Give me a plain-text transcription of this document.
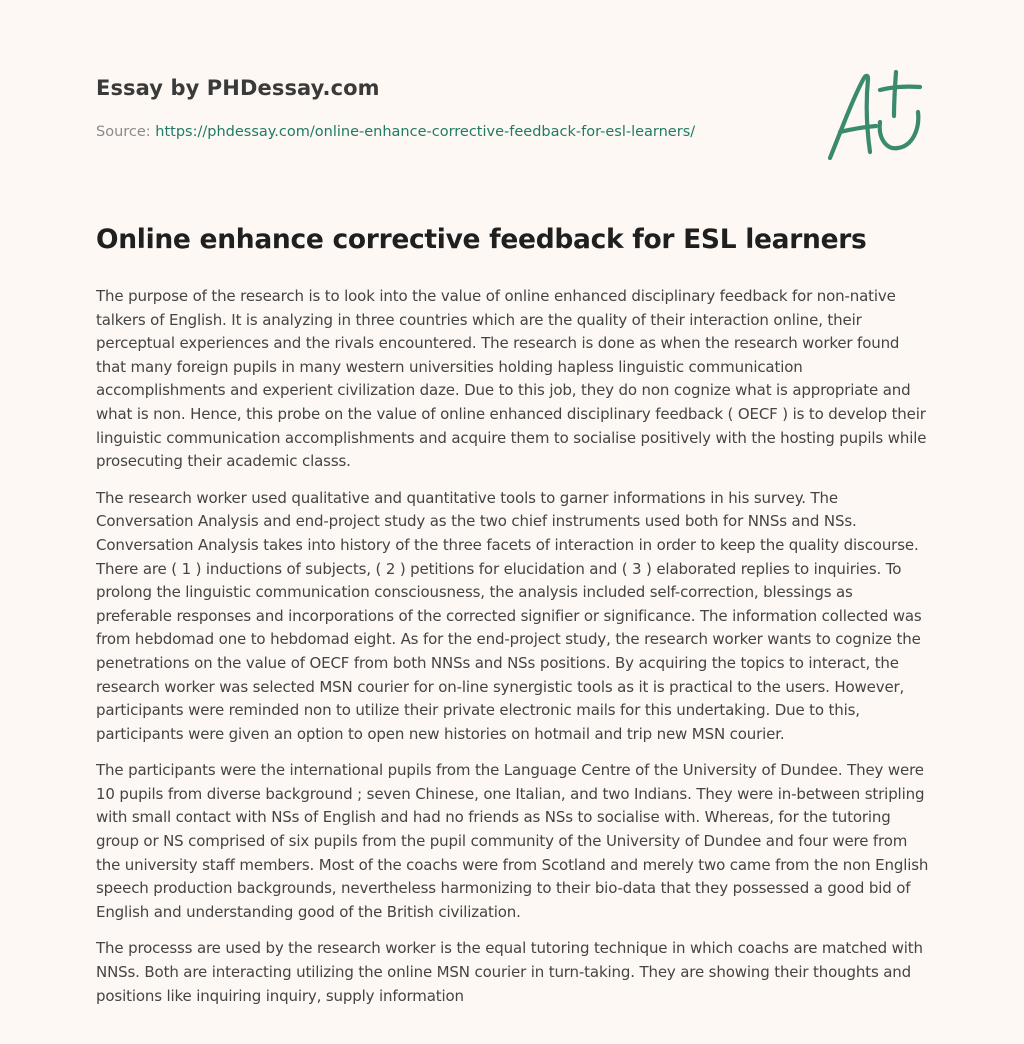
Essay by PHDessay.com
Source: https://phdessay.com/online-enhance-corrective-feedback-for-esl-learners/
Online enhance corrective feedback for ESL learners

The purpose of the research is to look into the value of online enhanced disciplinary feedback for non-native talkers of English. It is analyzing in three countries which are the quality of their interaction online, their perceptual experiences and the rivals encountered. The research is done as when the research worker found that many foreign pupils in many western universities holding hapless linguistic communication accomplishments and experient civilization daze. Due to this job, they do non cognize what is appropriate and what is non. Hence, this probe on the value of online enhanced disciplinary feedback ( OECF ) is to develop their linguistic communication accomplishments and acquire them to socialise positively with the hosting pupils while prosecuting their academic classs.

The research worker used qualitative and quantitative tools to garner informations in his survey. The Conversation Analysis and end-project study as the two chief instruments used both for NNSs and NSs. Conversation Analysis takes into history of the three facets of interaction in order to keep the quality discourse. There are ( 1 ) inductions of subjects, ( 2 ) petitions for elucidation and ( 3 ) elaborated replies to inquiries. To prolong the linguistic communication consciousness, the analysis included self-correction, blessings as preferable responses and incorporations of the corrected signifier or significance. The information collected was from hebdomad one to hebdomad eight. As for the end-project study, the research worker wants to cognize the penetrations on the value of OECF from both NNSs and NSs positions. By acquiring the topics to interact, the research worker was selected MSN courier for on-line synergistic tools as it is practical to the users. However, participants were reminded non to utilize their private electronic mails for this undertaking. Due to this, participants were given an option to open new histories on hotmail and trip new MSN courier.

The participants were the international pupils from the Language Centre of the University of Dundee. They were 10 pupils from diverse background ; seven Chinese, one Italian, and two Indians. They were in-between stripling with small contact with NSs of English and had no friends as NSs to socialise with. Whereas, for the tutoring group or NS comprised of six pupils from the pupil community of the University of Dundee and four were from the university staff members. Most of the coachs were from Scotland and merely two came from the non English speech production backgrounds, nevertheless harmonizing to their bio-data that they possessed a good bid of English and understanding good of the British civilization.

The processs are used by the research worker is the equal tutoring technique in which coachs are matched with NNSs. Both are interacting utilizing the online MSN courier in turn-taking. They are showing their thoughts and positions like inquiring inquiry, supply information
